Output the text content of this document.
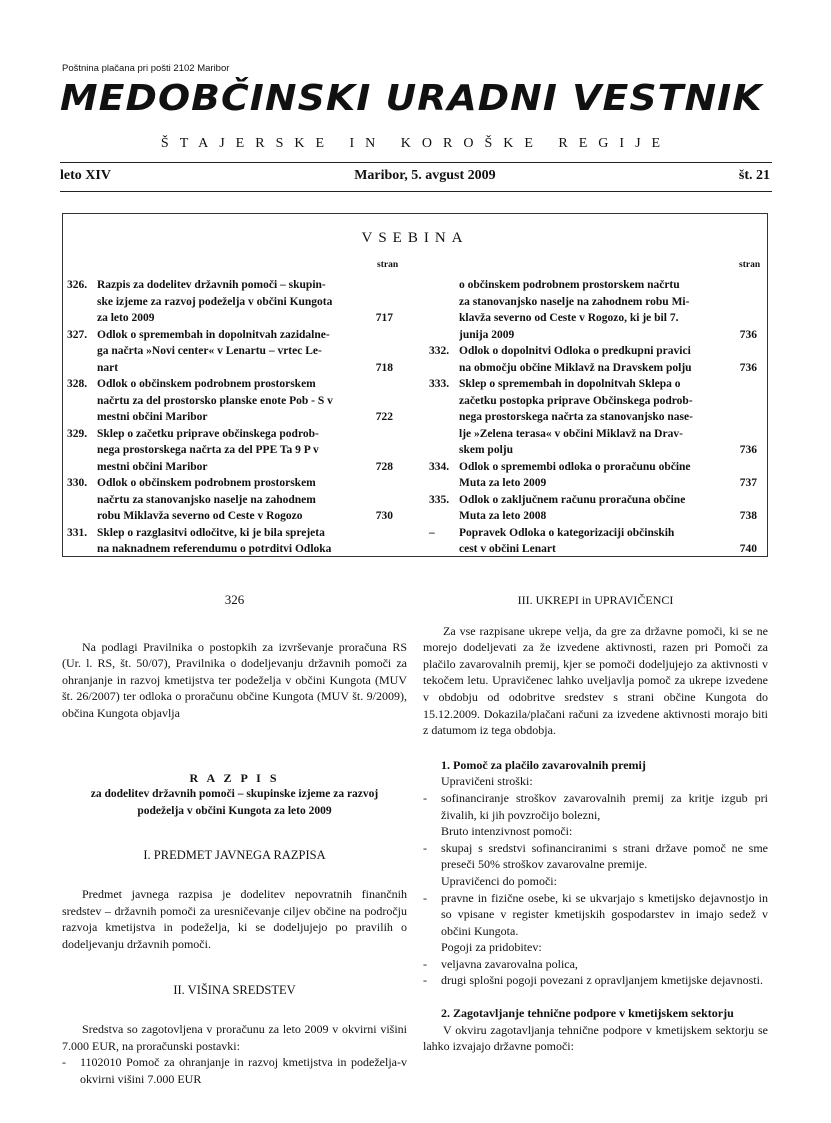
Poštnina plačana pri pošti 2102 Maribor
MEDOBČINSKI URADNI VESTNIK
ŠTAJERSKE IN KOROŠKE REGIJE
leto XIV	Maribor, 5. avgust 2009	št. 21
VSEBINA
stran	stran
326. Razpis za dodelitev državnih pomoči – skupin-
ske izjeme za razvoj podeželja v občini Kungota
za leto 2009	717
327. Odlok o spremembah in dopolnitvah zazidalne-
ga načrta »Novi center« v Lenartu – vrtec Le-
nart	718
328. Odlok o občinskem podrobnem prostorskem
načrtu za del prostorsko planske enote Pob - S v
mestni občini Maribor	722
329. Sklep o začetku priprave občinskega podrob-
nega prostorskega načrta za del PPE Ta 9 P v
mestni občini Maribor	728
330. Odlok o občinskem podrobnem prostorskem
načrtu za stanovanjsko naselje na zahodnem
robu Miklavža severno od Ceste v Rogozo	730
331. Sklep o razglasitvi odločitve, ki je bila sprejeta
na naknadnem referendumu o potrditvi Odloka
o občinskem podrobnem prostorskem načrtu
za stanovanjsko naselje na zahodnem robu Mi-
klavža severno od Ceste v Rogozo, ki je bil 7.
junija 2009	736
332. Odlok o dopolnitvi Odloka o predkupni pravici
na območju občine Miklavž na Dravskem polju	736
333. Sklep o spremembah in dopolnitvah Sklepa o
začetku postopka priprave Občinskega podrob-
nega prostorskega načrta za stanovanjsko nase-
lje »Zelena terasa« v občini Miklavž na Drav-
skem polju	736
334. Odlok o spremembi odloka o proračunu občine
Muta za leto 2009	737
335. Odlok o zaključnem računu proračuna občine
Muta za leto 2008	738
– Popravek Odloka o kategorizaciji občinskih
cest v občini Lenart	740

326

Na podlagi Pravilnika o postopkih za izvrševanje proračuna RS (Ur. l. RS, št. 50/07), Pravilnika o dodeljevanju državnih pomoči za ohranjanje in razvoj kmetijstva ter podeželja v občini Kungota (MUV št. 26/2007) ter odloka o proračunu občine Kungota (MUV št. 9/2009), občina Kungota objavlja

R A Z P I S

za dodelitev državnih pomoči – skupinske izjeme za razvoj

podeželja v občini Kungota za leto 2009

I. PREDMET JAVNEGA RAZPISA

Predmet javnega razpisa je dodelitev nepovratnih finančnih sredstev – državnih pomoči za uresničevanje ciljev občine na področju razvoja kmetijstva in podeželja, ki se dodeljujejo po pravilih o dodeljevanju državnih pomoči.

II. VIŠINA SREDSTEV

Sredstva so zagotovljena v proračunu za leto 2009 v okvirni višini 7.000 EUR, na proračunski postavki:

- 1102010 Pomoč za ohranjanje in razvoj kmetijstva in podeželja-v okvirni višini 7.000 EUR

III. UKREPI in UPRAVIČENCI

Za vse razpisane ukrepe velja, da gre za državne pomoči, ki se ne morejo dodeljevati za že izvedene aktivnosti, razen pri Pomoči za plačilo zavarovalnih premij, kjer se pomoči dodeljujejo za aktivnosti v tekočem letu. Upravičenec lahko uveljavlja pomoč za ukrepe izvedene v obdobju od odobritve sredstev s strani občine Kungota do 15.12.2009. Dokazila/plačani računi za izvedene aktivnosti morajo biti z datumom iz tega obdobja.

1. Pomoč za plačilo zavarovalnih premij

Upravičeni stroški:

- sofinanciranje stroškov zavarovalnih premij za kritje izgub pri živalih, ki jih povzročijo bolezni,

Bruto intenzivnost pomoči:

- skupaj s sredstvi sofinanciranimi s strani države pomoč ne sme preseči 50% stroškov zavarovalne premije.

Upravičenci do pomoči:

- pravne in fizične osebe, ki se ukvarjajo s kmetijsko dejavnostjo in so vpisane v register kmetijskih gospodarstev in imajo sedež v občini Kungota.

Pogoji za pridobitev:

- veljavna zavarovalna polica,

- drugi splošni pogoji povezani z opravljanjem kmetijske dejavnosti.

2. Zagotavljanje tehnične podpore v kmetijskem sektorju

V okviru zagotavljanja tehnične podpore v kmetijskem sektorju se lahko izvajajo državne pomoči:
